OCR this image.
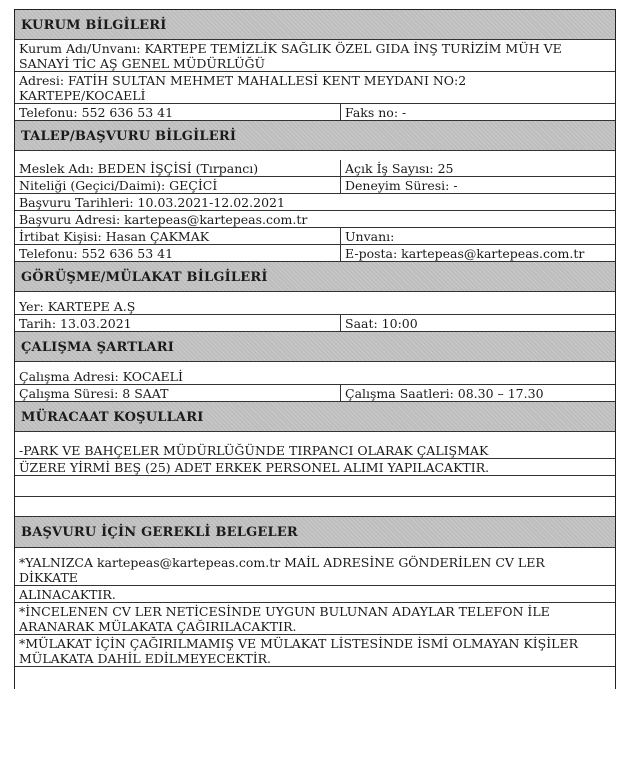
KURUM BİLGİLERİ
Kurum Adı/Unvanı: KARTEPE TEMİZLİK SAĞLIK ÖZEL GIDA İNŞ TURİZİM MÜH VE
SANAYİ TİC AŞ GENEL MÜDÜRLÜĞÜ
Adresi: FATİH SULTAN MEHMET MAHALLESİ KENT MEYDANI NO:2
KARTEPE/KOCAELİ
Telefonu: 552 636 53 41	Faks no: -
TALEP/BAŞVURU BİLGİLERİ
Meslek Adı: BEDEN İŞÇİSİ (Tırpancı)	Açık İş Sayısı: 25
Niteliği (Geçici/Daimi): GEÇİCİ	Deneyim Süresi: -
Başvuru Tarihleri: 10.03.2021-12.02.2021
Başvuru Adresi: kartepeas@kartepeas.com.tr
İrtibat Kişisi: Hasan ÇAKMAK	Unvanı:
Telefonu: 552 636 53 41	E-posta: kartepeas@kartepeas.com.tr
GÖRÜŞME/MÜLAKAT BİLGİLERİ
Yer: KARTEPE A.Ş
Tarih: 13.03.2021	Saat: 10:00
ÇALIŞMA ŞARTLARI
Çalışma Adresi: KOCAELİ
Çalışma Süresi: 8 SAAT	Çalışma Saatleri: 08.30 – 17.30
MÜRACAAT KOŞULLARI
-PARK VE BAHÇELER MÜDÜRLÜĞÜNDE TIRPANCI OLARAK ÇALIŞMAK
ÜZERE YİRMİ BEŞ (25) ADET ERKEK PERSONEL ALIMI YAPILACAKTIR.
BAŞVURU İÇİN GEREKLİ BELGELER
*YALNIZCA kartepeas@kartepeas.com.tr MAİL ADRESİNE GÖNDERİLEN CV LER
DİKKATE
ALINACAKTIR.
*İNCELENEN CV LER NETİCESİNDE UYGUN BULUNAN ADAYLAR TELEFON İLE
ARANARAK MÜLAKATA ÇAĞIRILACAKTIR.
*MÜLAKAT İÇİN ÇAĞIRILMAMIŞ VE MÜLAKAT LİSTESİNDE İSMİ OLMAYAN KİŞİLER
MÜLAKATA DAHİL EDİLMEYECEKTİR.
